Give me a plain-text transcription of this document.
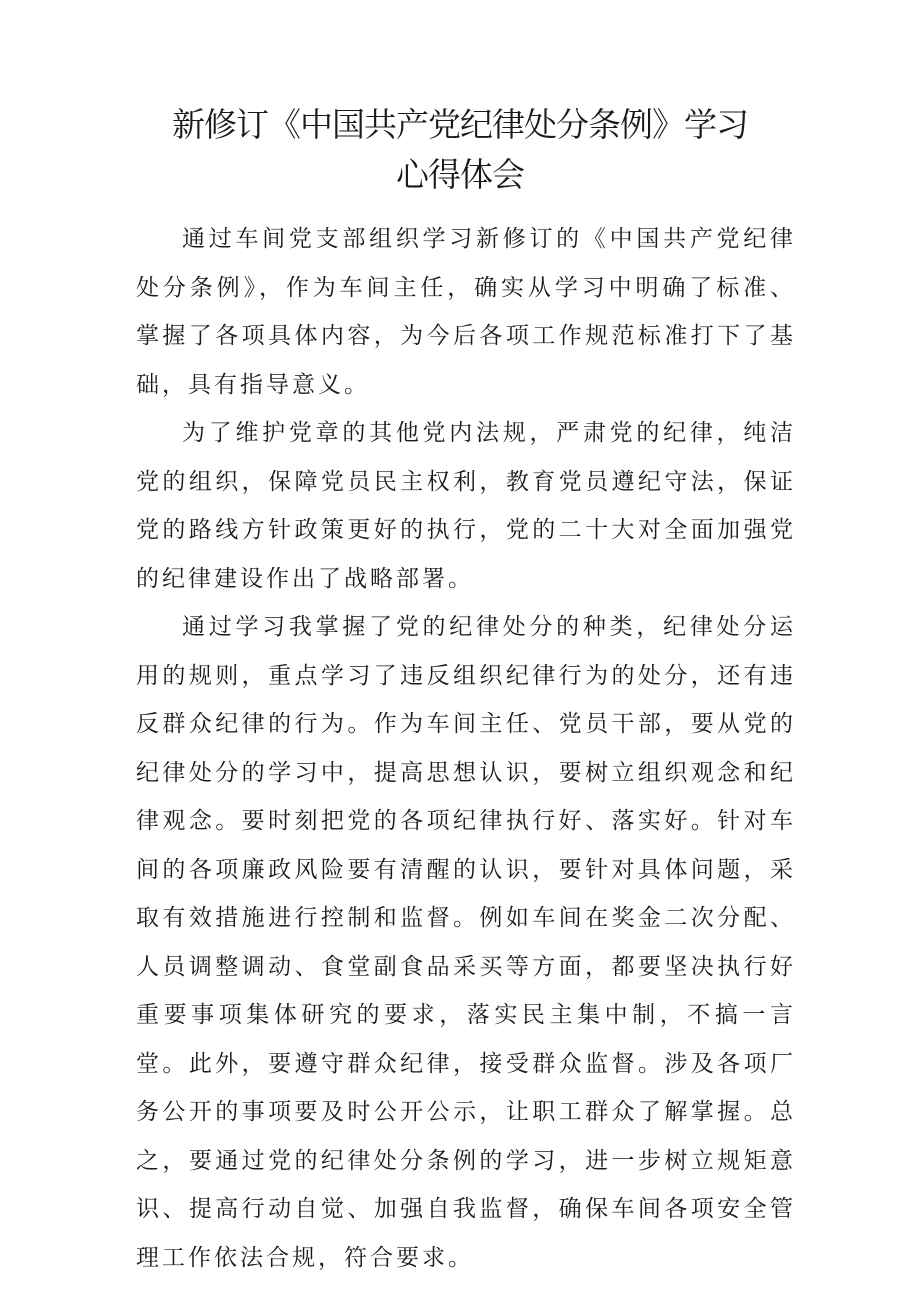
新修订《中国共产党纪律处分条例》学习
心得体会

通过车间党支部组织学习新修订的《中国共产党纪律处分条例》，作为车间主任，确实从学习中明确了标准、掌握了各项具体内容，为今后各项工作规范标准打下了基础，具有指导意义。

为了维护党章的其他党内法规，严肃党的纪律，纯洁党的组织，保障党员民主权利，教育党员遵纪守法，保证党的路线方针政策更好的执行，党的二十大对全面加强党的纪律建设作出了战略部署。

通过学习我掌握了党的纪律处分的种类，纪律处分运用的规则，重点学习了违反组织纪律行为的处分，还有违反群众纪律的行为。作为车间主任、党员干部，要从党的纪律处分的学习中，提高思想认识，要树立组织观念和纪律观念。要时刻把党的各项纪律执行好、落实好。针对车间的各项廉政风险要有清醒的认识，要针对具体问题，采取有效措施进行控制和监督。例如车间在奖金二次分配、人员调整调动、食堂副食品采买等方面，都要坚决执行好重要事项集体研究的要求，落实民主集中制，不搞一言堂。此外，要遵守群众纪律，接受群众监督。涉及各项厂务公开的事项要及时公开公示，让职工群众了解掌握。总之，要通过党的纪律处分条例的学习，进一步树立规矩意识、提高行动自觉、加强自我监督，确保车间各项安全管理工作依法合规，符合要求。
